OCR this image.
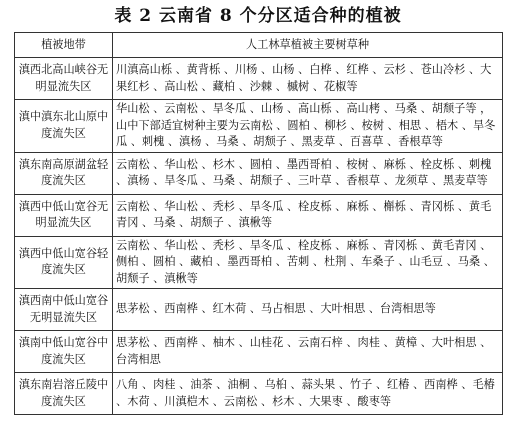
表 2 云南省 8 个分区适合种的植被
植被地带	人工林草植被主要树草种
滇西北高山峡谷无明显流失区	川滇高山栎 、黄背栎 、川杨 、山杨 、白桦 、红桦 、云杉 、苍山冷杉 、大果红杉 、高山松 、藏柏 、沙棘 、槭树 、花椒等
滇中滇东北山原中度流失区	华山松 、云南松 、旱冬瓜 、山杨 、高山栎 、高山栲 、马桑 、胡颓子等 ，山中下部适宜树种主要为云南松 、圆柏 、柳杉 、桉树 、相思 、梧木 、旱冬瓜 、刺槐 、滇杨 、马桑 、胡颓子 、黑麦草 、百喜草 、香根草等
滇东南高原湖盆轻度流失区	云南松 、华山松 、杉木 、圆柏 、墨西哥柏 、桉树 、麻栎 、栓皮栎 、刺槐 、滇杨 、旱冬瓜 、马桑 、胡颓子 、三叶草 、香根草 、龙须草 、黑麦草等
滇西中低山宽谷无明显流失区	云南松 、华山松 、秃杉 、旱冬瓜 、栓皮栎 、麻栎 、槲栎 、青冈栎 、黄毛青冈 、马桑 、胡颓子 、滇楸等
滇西中低山宽谷轻度流失区	云南松 、华山松 、秃杉 、旱冬瓜 、栓皮栎 、麻栎 、青冈栎 、黄毛青冈 、侧柏 、圆柏 、藏柏 、墨西哥柏 、苦刺 、杜荆 、车桑子 、山毛豆 、马桑 、胡颓子 、滇楸等
滇西南中低山宽谷无明显流失区	思茅松 、西南桦 、红木荷 、马占相思 、大叶相思 、台湾相思等
滇南中低山宽谷中度流失区	思茅松 、西南桦 、柚木 、山桂花 、云南石梓 、肉桂 、黄樟 、大叶相思 、台湾相思
滇东南岩溶丘陵中度流失区	八角 、肉桂 、油茶 、油桐 、乌桕 、蒜头果 、竹子 、红椿 、西南桦 、毛椿 、木荷 、川滇桤木 、云南松 、杉木 、大果枣 、酸枣等
